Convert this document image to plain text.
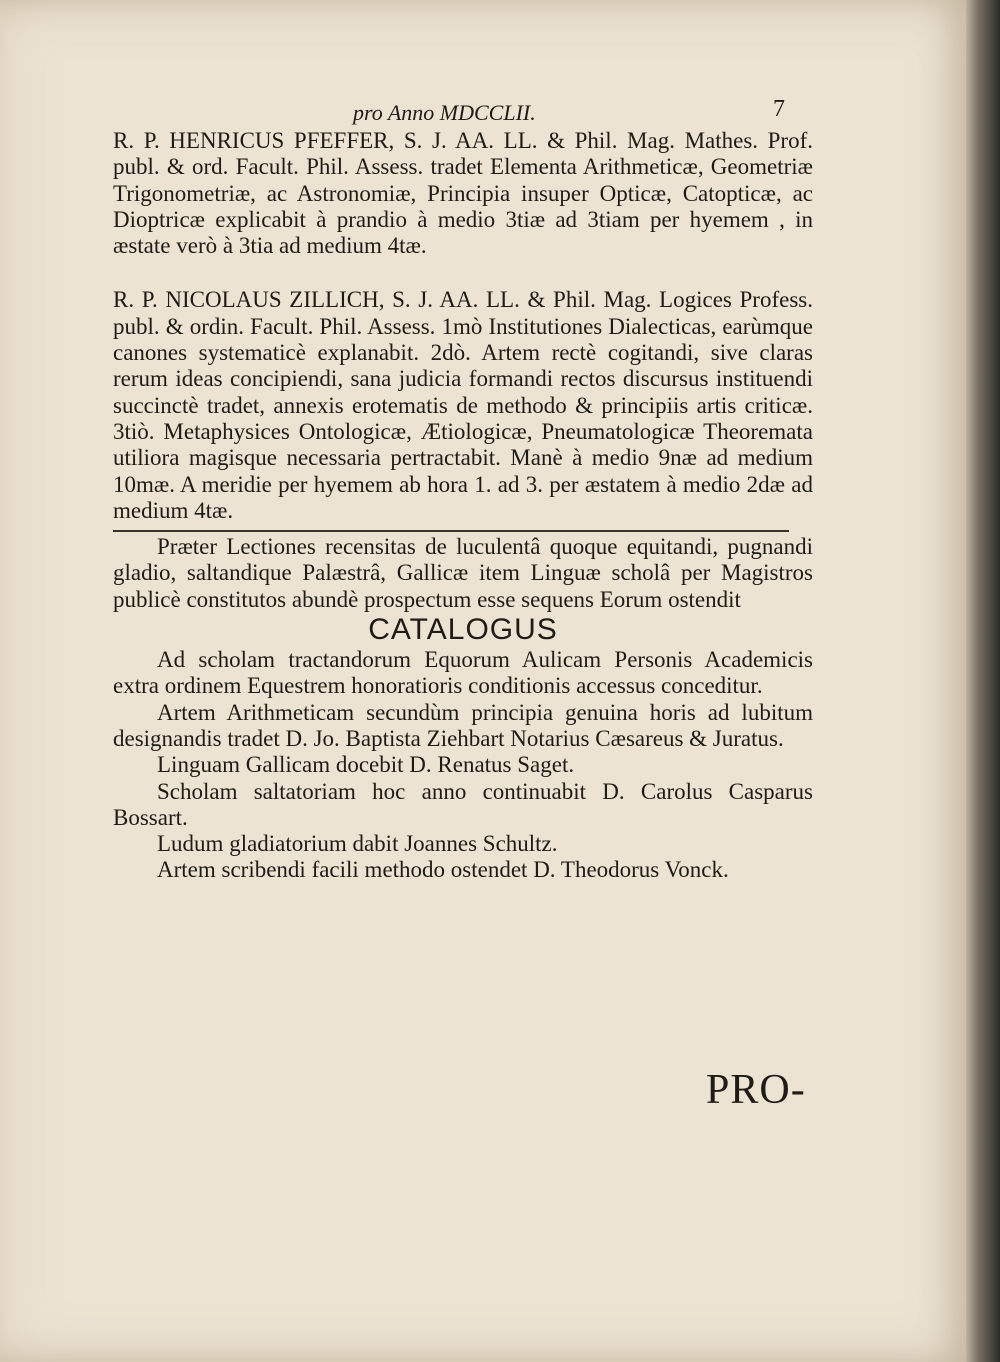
pro Anno MDCCLII.	7

R. P. HENRICUS PFEFFER, S. J. AA. LL. & Phil. Mag. Mathes. Prof. publ. & ord. Facult. Phil. Assess. tradet Elementa Arithmeticæ, Geometriæ Trigonometriæ, ac Astronomiæ, Principia insuper Opticæ, Catopticæ, ac Dioptricæ explicabit à prandio à medio 3tiæ ad 3tiam per hyemem , in æstate verò à 3tia ad medium 4tæ.

R. P. NICOLAUS ZILLICH, S. J. AA. LL. & Phil. Mag. Logices Profess. publ. & ordin. Facult. Phil. Assess. 1mò Institutiones Dialecticas, earùmque canones systematicè explanabit. 2dò. Artem rectè cogitandi, sive claras rerum ideas concipiendi, sana judicia formandi rectos discursus instituendi succinctè tradet, annexis erotematis de methodo & principiis artis criticæ. 3tiò. Metaphysices Ontologicæ, Ætiologicæ, Pneumatologicæ Theoremata utiliora magisque necessaria pertractabit. Manè à medio 9næ ad medium 10mæ. A meridie per hyemem ab hora 1. ad 3. per æstatem à medio 2dæ ad medium 4tæ.

Præter Lectiones recensitas de luculentâ quoque equitandi, pugnandi gladio, saltandique Palæstrâ, Gallicæ item Linguæ scholâ per Magistros publicè constitutos abundè prospectum esse sequens Eorum ostendit

CATALOGUS

Ad scholam tractandorum Equorum Aulicam Personis Academicis extra ordinem Equestrem honoratioris conditionis accessus conceditur.

Artem Arithmeticam secundùm principia genuina horis ad lubitum designandis tradet D. Jo. Baptista Ziehbart Notarius Cæsareus & Juratus.

Linguam Gallicam docebit D. Renatus Saget.

Scholam saltatoriam hoc anno continuabit D. Carolus Casparus Bossart.

Ludum gladiatorium dabit Joannes Schultz.

Artem scribendi facili methodo ostendet D. Theodorus Vonck.

PRO-
